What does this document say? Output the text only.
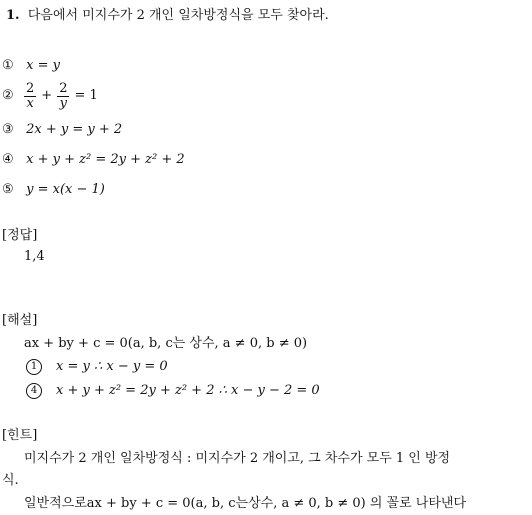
1. 다음에서 미지수가 2 개인 일차방정식을 모두 찾아라.
① x = y
② $\frac{2}{x} + \frac{2}{y} = 1$
③ 2x + y = y + 2
④ x + y + z² = 2y + z² + 2
⑤ y = x(x − 1)
[정답]
1,4
[해설]
ax + by + c = 0(a, b, c는 상수, a ≠ 0, b ≠ 0)
1	x = y ∴ x − y = 0
4	x + y + z² = 2y + z² + 2 ∴ x − y − 2 = 0
[힌트]
미지수가 2 개인 일차방정식 : 미지수가 2 개이고, 그 차수가 모두 1 인 방정
식.
일반적으로ax + by + c = 0(a, b, c는상수, a ≠ 0, b ≠ 0) 의 꼴로 나타낸다
